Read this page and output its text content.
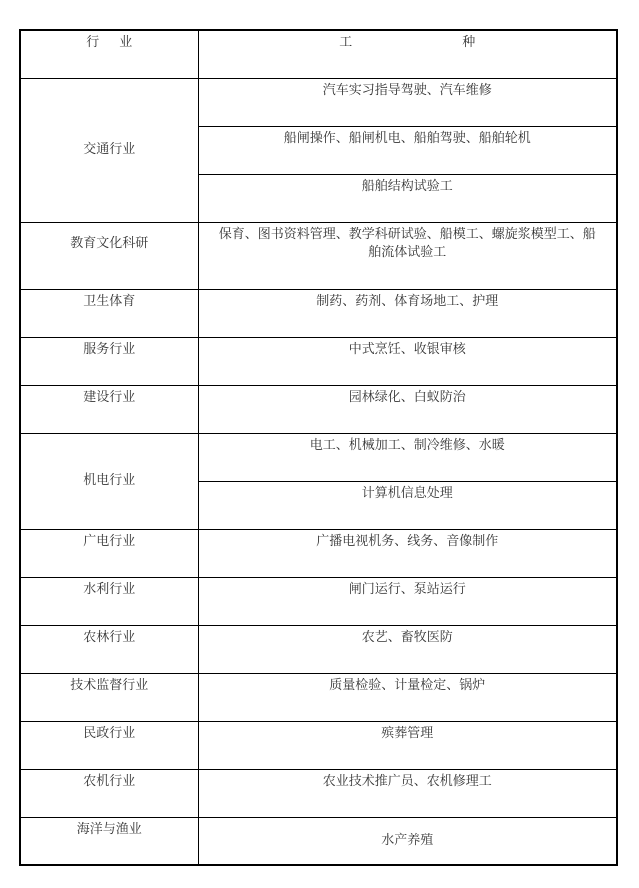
行业	工种
交通行业	汽车实习指导驾驶、汽车维修
	船闸操作、船闸机电、船舶驾驶、船舶轮机
	船舶结构试验工
教育文化科研	保育、图书资料管理、教学科研试验、船模工、螺旋浆模型工、船舶流体试验工
卫生体育	制药、药剂、体育场地工、护理
服务行业	中式烹饪、收银审核
建设行业	园林绿化、白蚁防治
机电行业	电工、机械加工、制冷维修、水暖
	计算机信息处理
广电行业	广播电视机务、线务、音像制作
水利行业	闸门运行、泵站运行
农林行业	农艺、畜牧医防
技术监督行业	质量检验、计量检定、锅炉
民政行业	殡葬管理
农机行业	农业技术推广员、农机修理工
海洋与渔业	水产养殖
